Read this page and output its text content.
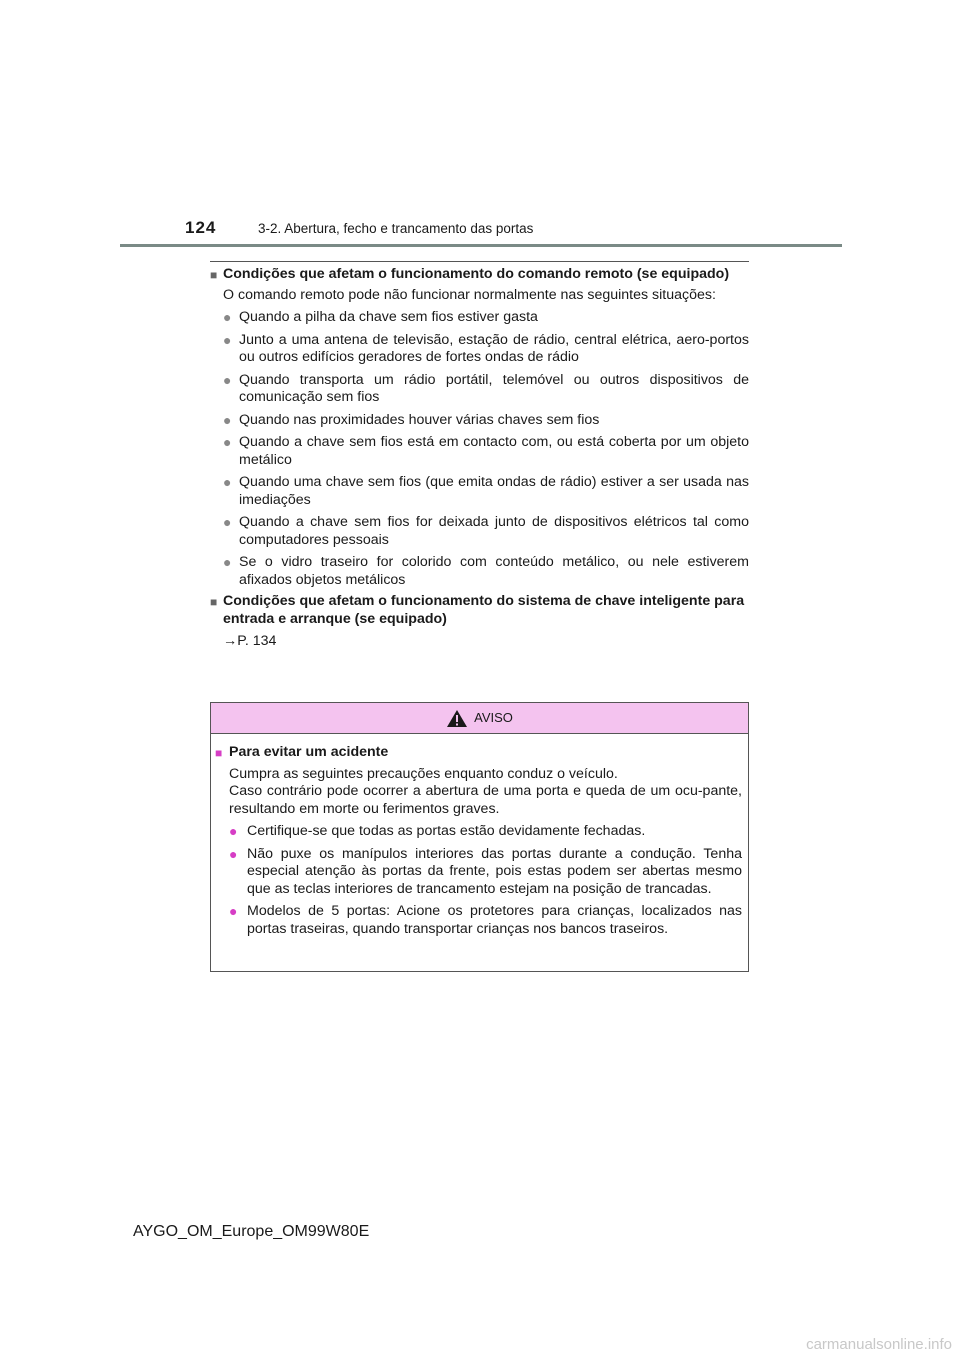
124	3-2. Abertura, fecho e trancamento das portas
■ Condições que afetam o funcionamento do comando remoto (se equipado)
O comando remoto pode não funcionar normalmente nas seguintes situações:
● Quando a pilha da chave sem fios estiver gasta
● Junto a uma antena de televisão, estação de rádio, central elétrica, aero-portos ou outros edifícios geradores de fortes ondas de rádio
● Quando transporta um rádio portátil, telemóvel ou outros dispositivos de comunicação sem fios
● Quando nas proximidades houver várias chaves sem fios
● Quando a chave sem fios está em contacto com, ou está coberta por um objeto metálico
● Quando uma chave sem fios (que emita ondas de rádio) estiver a ser usada nas imediações
● Quando a chave sem fios for deixada junto de dispositivos elétricos tal como computadores pessoais
● Se o vidro traseiro for colorido com conteúdo metálico, ou nele estiverem afixados objetos metálicos
■ Condições que afetam o funcionamento do sistema de chave inteligente para entrada e arranque (se equipado)
→P. 134
AVISO
■ Para evitar um acidente
Cumpra as seguintes precauções enquanto conduz o veículo.
Caso contrário pode ocorrer a abertura de uma porta e queda de um ocu-pante, resultando em morte ou ferimentos graves.
● Certifique-se que todas as portas estão devidamente fechadas.
● Não puxe os manípulos interiores das portas durante a condução. Tenha especial atenção às portas da frente, pois estas podem ser abertas mesmo que as teclas interiores de trancamento estejam na posição de trancadas.
● Modelos de 5 portas: Acione os protetores para crianças, localizados nas portas traseiras, quando transportar crianças nos bancos traseiros.
AYGO_OM_Europe_OM99W80E
carmanualsonline.info
